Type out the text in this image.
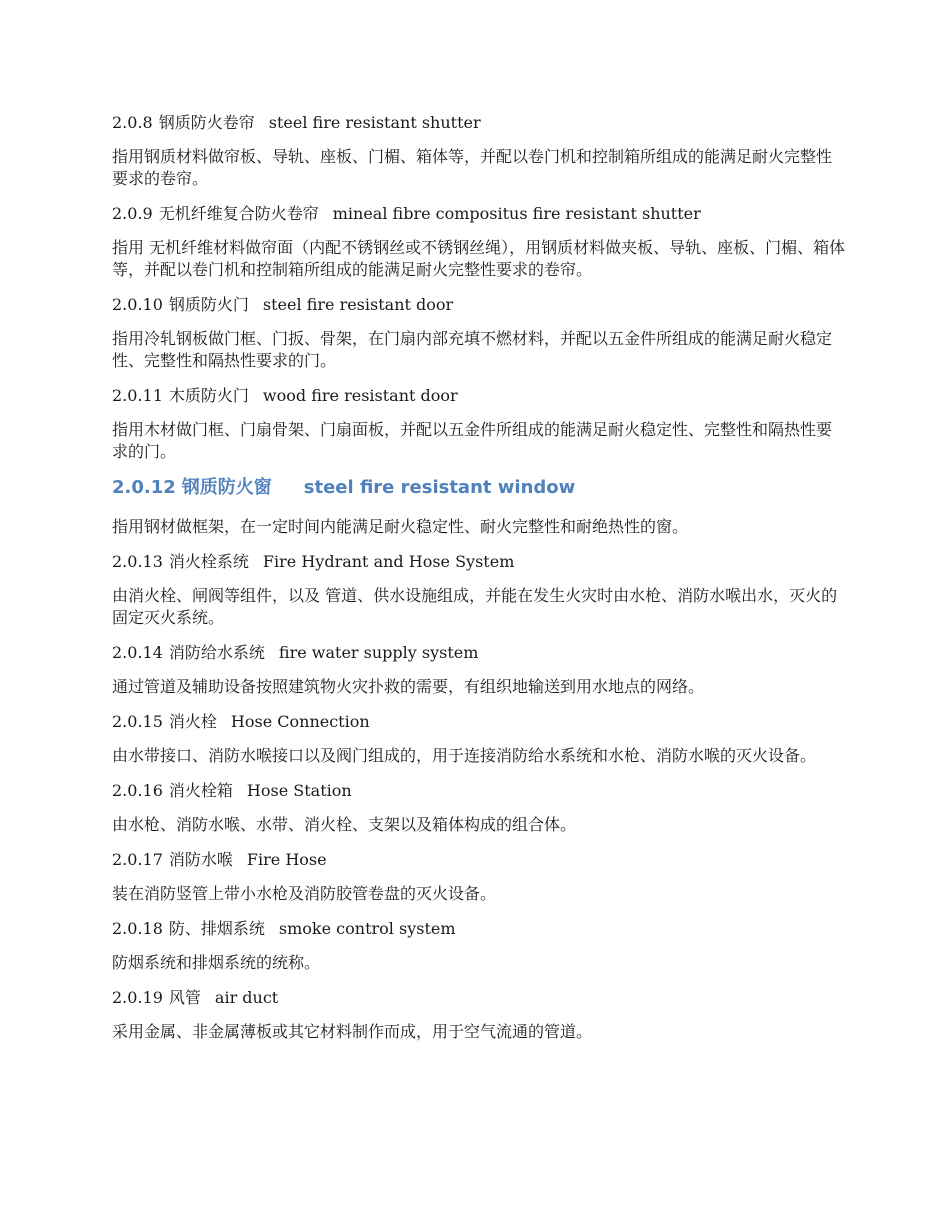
2.0.8 钢质防火卷帘 steel fire resistant shutter

指用钢质材料做帘板、导轨、座板、门楣、箱体等，并配以卷门机和控制箱所组成的能满足耐火完整性要求的卷帘。

2.0.9 无机纤维复合防火卷帘 mineal fibre compositus fire resistant shutter

指用 无机纤维材料做帘面（内配不锈钢丝或不锈钢丝绳），用钢质材料做夹板、导轨、座板、门楣、箱体等，并配以卷门机和控制箱所组成的能满足耐火完整性要求的卷帘。

2.0.10 钢质防火门 steel fire resistant door

指用冷轧钢板做门框、门扳、骨架，在门扇内部充填不燃材料，并配以五金件所组成的能满足耐火稳定性、完整性和隔热性要求的门。

2.0.11 木质防火门 wood fire resistant door

指用木材做门框、门扇骨架、门扇面板，并配以五金件所组成的能满足耐火稳定性、完整性和隔热性要求的门。

2.0.12 钢质防火窗 steel fire resistant window

指用钢材做框架，在一定时间内能满足耐火稳定性、耐火完整性和耐绝热性的窗。

2.0.13 消火栓系统 Fire Hydrant and Hose System

由消火栓、闸阀等组件，以及 管道、供水设施组成，并能在发生火灾时由水枪、消防水喉出水，灭火的固定灭火系统。

2.0.14 消防给水系统 fire water supply system

通过管道及辅助设备按照建筑物火灾扑救的需要，有组织地输送到用水地点的网络。

2.0.15 消火栓 Hose Connection

由水带接口、消防水喉接口以及阀门组成的，用于连接消防给水系统和水枪、消防水喉的灭火设备。

2.0.16 消火栓箱 Hose Station

由水枪、消防水喉、水带、消火栓、支架以及箱体构成的组合体。

2.0.17 消防水喉 Fire Hose

装在消防竖管上带小水枪及消防胶管卷盘的灭火设备。

2.0.18 防、排烟系统 smoke control system

防烟系统和排烟系统的统称。

2.0.19 风管 air duct

采用金属、非金属薄板或其它材料制作而成，用于空气流通的管道。
